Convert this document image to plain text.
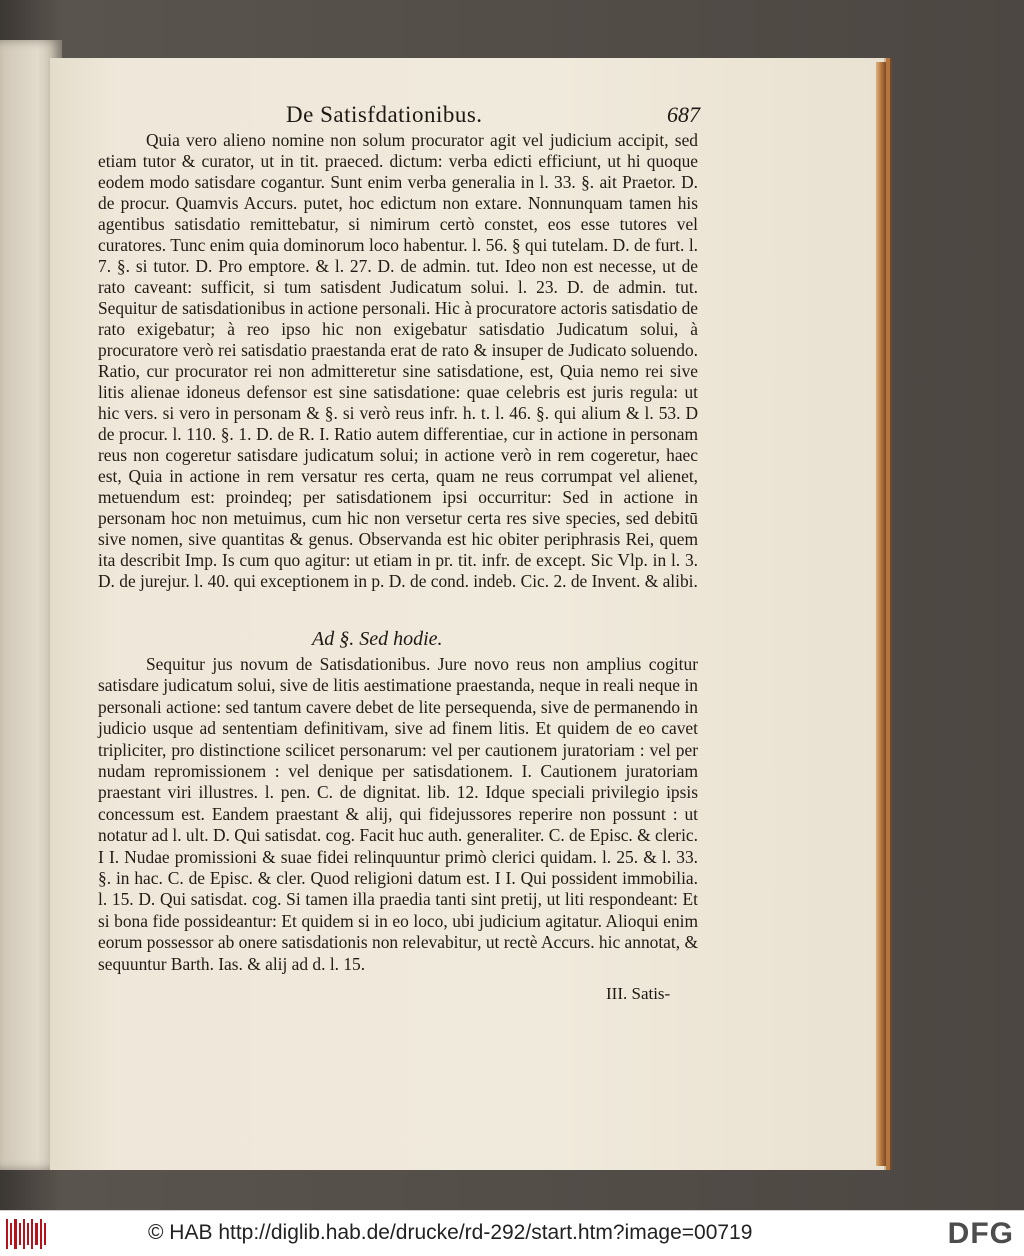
De Satisfdationibus.	687

Quia vero alieno nomine non solum procurator agit vel judicium accipit, sed etiam tutor & curator, ut in tit. praeced. dictum: verba edicti efficiunt, ut hi quoque eodem modo satisdare cogantur. Sunt enim verba generalia in l. 33. §. ait Praetor. D. de procur. Quamvis Accurs. putet, hoc edictum non extare. Nonnunquam tamen his agentibus satisdatio remittebatur, si nimirum certò constet, eos esse tutores vel curatores. Tunc enim quia dominorum loco habentur. l. 56. § qui tutelam. D. de furt. l. 7. §. si tutor. D. Pro emptore. & l. 27. D. de admin. tut. Ideo non est necesse, ut de rato caveant: sufficit, si tum satisdent Judicatum solui. l. 23. D. de admin. tut. Sequitur de satisdationibus in actione personali. Hic à procuratore actoris satisdatio de rato exigebatur; à reo ipso hic non exigebatur satisdatio Judicatum solui, à procuratore verò rei satisdatio praestanda erat de rato & insuper de Judicato soluendo. Ratio, cur procurator rei non admitteretur sine satisdatione, est, Quia nemo rei sive litis alienae idoneus defensor est sine satisdatione: quae celebris est juris regula: ut hic vers. si vero in personam & §. si verò reus infr. h. t. l. 46. §. qui alium & l. 53. D de procur. l. 110. §. 1. D. de R. I. Ratio autem differentiae, cur in actione in personam reus non cogeretur satisdare judicatum solui; in actione verò in rem cogeretur, haec est, Quia in actione in rem versatur res certa, quam ne reus corrumpat vel alienet, metuendum est: proindeq; per satisdationem ipsi occurritur: Sed in actione in personam hoc non metuimus, cum hic non versetur certa res sive species, sed debitū sive nomen, sive quantitas & genus. Observanda est hic obiter periphrasis Rei, quem ita describit Imp. Is cum quo agitur: ut etiam in pr. tit. infr. de except. Sic Vlp. in l. 3. D. de jurejur. l. 40. qui exceptionem in p. D. de cond. indeb. Cic. 2. de Invent. & alibi.

Ad §. Sed hodie.

Sequitur jus novum de Satisdationibus. Jure novo reus non amplius cogitur satisdare judicatum solui, sive de litis aestimatione praestanda, neque in reali neque in personali actione: sed tantum cavere debet de lite persequenda, sive de permanendo in judicio usque ad sententiam definitivam, sive ad finem litis. Et quidem de eo cavet tripliciter, pro distinctione scilicet personarum: vel per cautionem juratoriam : vel per nudam repromissionem : vel denique per satisdationem. I. Cautionem juratoriam praestant viri illustres. l. pen. C. de dignitat. lib. 12. Idque speciali privilegio ipsis concessum est. Eandem praestant & alij, qui fidejussores reperire non possunt : ut notatur ad l. ult. D. Qui satisdat. cog. Facit huc auth. generaliter. C. de Episc. & cleric. I I. Nudae promissioni & suae fidei relinquuntur primò clerici quidam. l. 25. & l. 33. §. in hac. C. de Episc. & cler. Quod religioni datum est. I I. Qui possident immobilia. l. 15. D. Qui satisdat. cog. Si tamen illa praedia tanti sint pretij, ut liti respondeant: Et si bona fide possideantur: Et quidem si in eo loco, ubi judicium agitatur. Alioqui enim eorum possessor ab onere satisdationis non relevabitur, ut rectè Accurs. hic annotat, & sequuntur Barth. Ias. & alij ad d. l. 15.

III. Satis-
© HAB http://diglib.hab.de/drucke/rd-292/start.htm?image=00719	DFG
